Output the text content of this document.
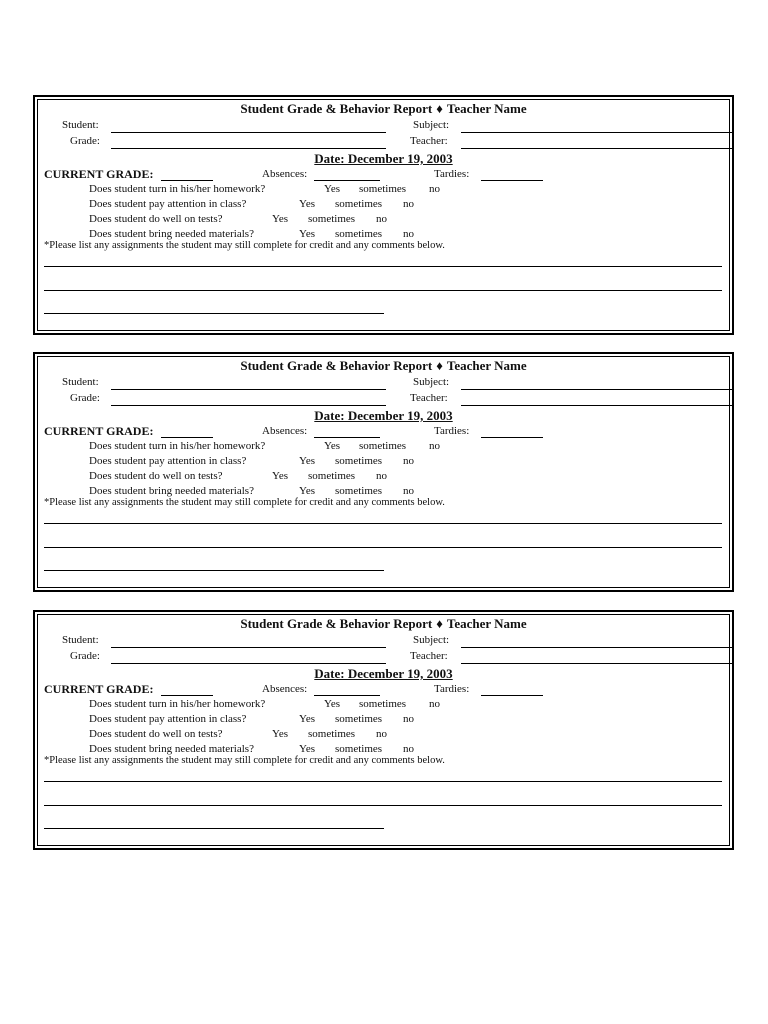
Student Grade & Behavior Report ♦ Teacher Name
Student:	Subject:
Grade:	Teacher:
Date: December 19, 2003
CURRENT GRADE:	Absences:	Tardies:
Does student turn in his/her homework?	Yes sometimes no
Does student pay attention in class?	Yes sometimes no
Does student do well on tests?	Yes sometimes no
Does student bring needed materials?	Yes sometimes no
*Please list any assignments the student may still complete for credit and any comments below.
Student Grade & Behavior Report ♦ Teacher Name
Student:	Subject:
Grade:	Teacher:
Date: December 19, 2003
CURRENT GRADE:	Absences:	Tardies:
Does student turn in his/her homework?	Yes sometimes no
Does student pay attention in class?	Yes sometimes no
Does student do well on tests?	Yes sometimes no
Does student bring needed materials?	Yes sometimes no
*Please list any assignments the student may still complete for credit and any comments below.
Student Grade & Behavior Report ♦ Teacher Name
Student:	Subject:
Grade:	Teacher:
Date: December 19, 2003
CURRENT GRADE:	Absences:	Tardies:
Does student turn in his/her homework?	Yes sometimes no
Does student pay attention in class?	Yes sometimes no
Does student do well on tests?	Yes sometimes no
Does student bring needed materials?	Yes sometimes no
*Please list any assignments the student may still complete for credit and any comments below.
